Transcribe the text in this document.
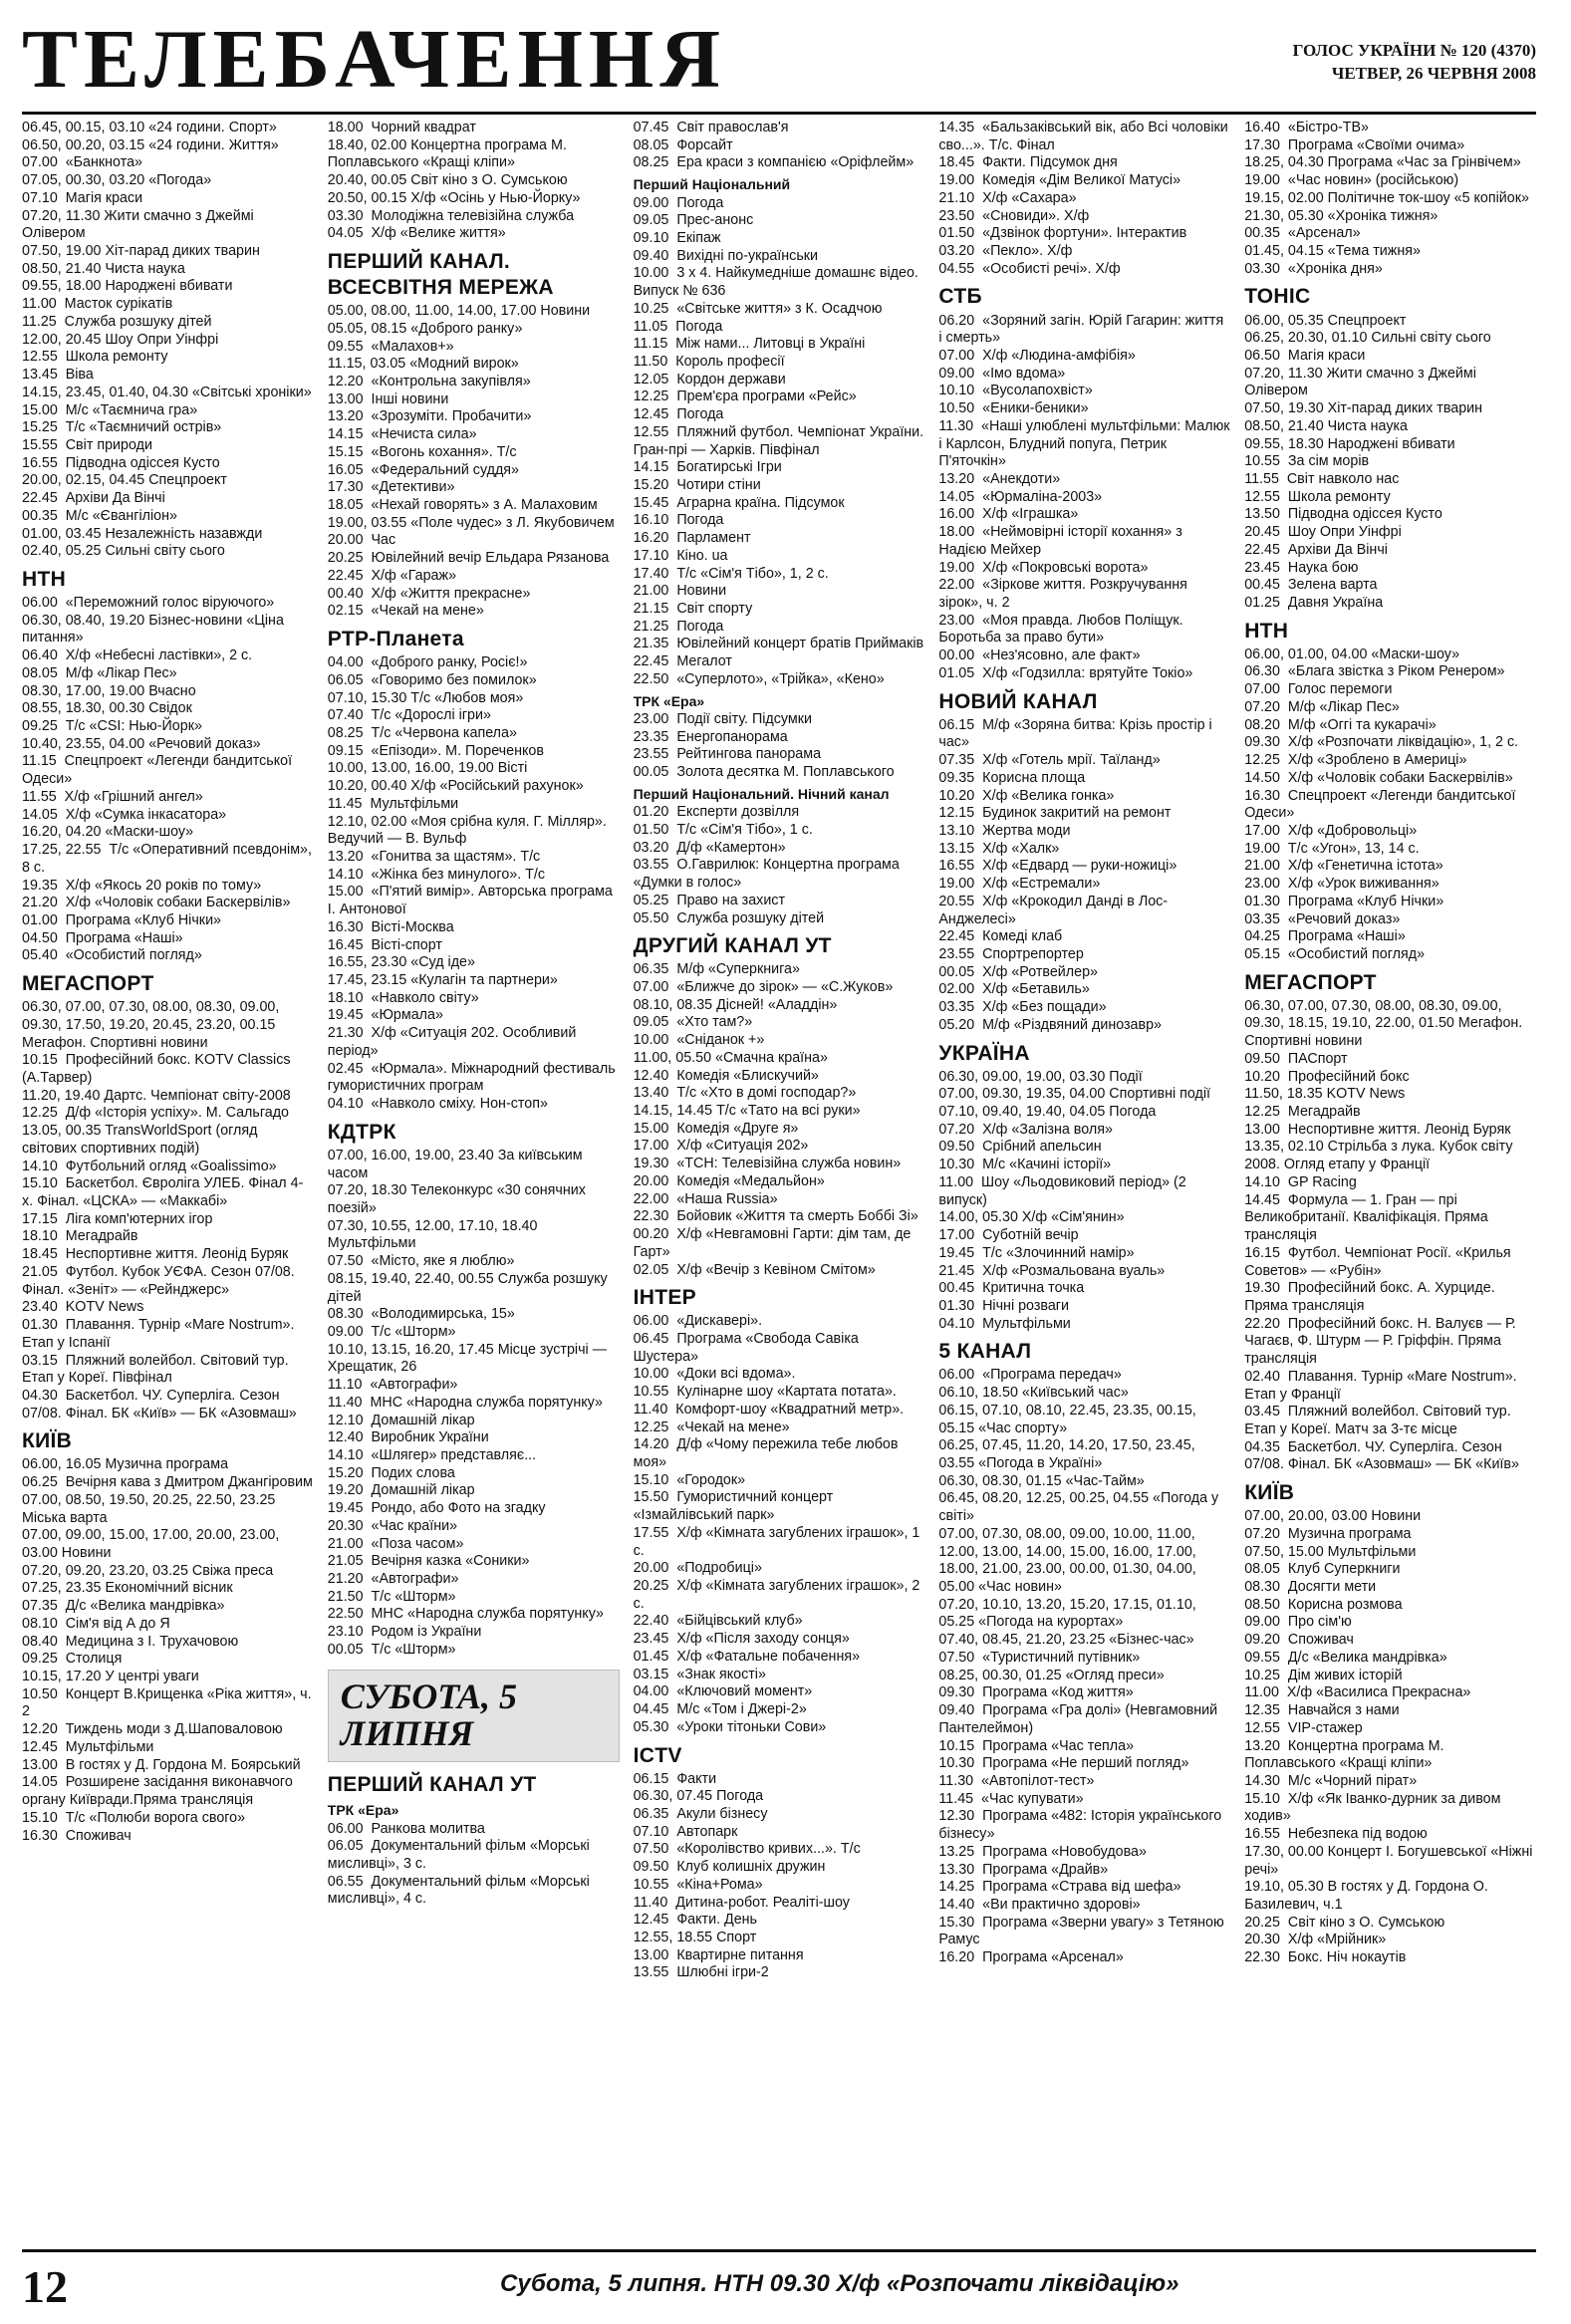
ТЕЛЕБАЧЕННЯ	ГОЛОС УКРАЇНИ № 120 (4370)
ЧЕТВЕР, 26 ЧЕРВНЯ 2008
06.45, 00.15, 03.10 «24 години. Спорт»
06.50, 00.20, 03.15 «24 години. Життя»
07.00  «Банкнота»
07.05, 00.30, 03.20 «Погода»
07.10  Магія краси
07.20, 11.30 Жити смачно з Джеймі Олівером
07.50, 19.00 Хіт-парад диких тварин
08.50, 21.40 Чиста наука
09.55, 18.00 Народжені вбивати
11.00  Масток сурікатів
11.25  Служба розшуку дітей
12.00, 20.45 Шоу Опри Уінфрі
12.55  Школа ремонту
13.45  Віва
14.15, 23.45, 01.40, 04.30 «Світські хроніки»
15.00  М/с «Таємнича гра»
15.25  Т/с «Таємничий острів»
15.55  Світ природи
16.55  Підводна одіссея Кусто
20.00, 02.15, 04.45 Спецпроект
22.45  Архіви Да Вінчі
00.35  М/с «Євангіліон»
01.00, 03.45 Незалежність назавжди
02.40, 05.25 Сильні світу сього
НТН
06.00  «Переможний голос віруючого»
06.30, 08.40, 19.20 Бізнес-новини «Ціна питання»
06.40  Х/ф «Небесні ластівки», 2 с.
08.05  М/ф «Лікар Пес»
08.30, 17.00, 19.00 Вчасно
08.55, 18.30, 00.30 Свідок
09.25  Т/с «CSI: Нью-Йорк»
10.40, 23.55, 04.00 «Речовий доказ»
11.15  Спецпроект «Легенди бандитської Одеси»
11.55  Х/ф «Грішний ангел»
14.05  Х/ф «Сумка інкасатора»
16.20, 04.20 «Маски-шоу»
17.25, 22.55  Т/с «Оперативний псевдонім», 8 с.
19.35  Х/ф «Якось 20 років по тому»
21.20  Х/ф «Чоловік собаки Баскервілів»
01.00  Програма «Клуб Нічки»
04.50  Програма «Наші»
05.40  «Особистий погляд»
МЕГАСПОРТ
06.30, 07.00, 07.30, 08.00, 08.30, 09.00, 09.30, 17.50, 19.20, 20.45, 23.20, 00.15 Мегафон. Спортивні новини
10.15  Професійний бокс. KOTV Classics (А.Тарвер)
11.20, 19.40 Дартс. Чемпіонат світу-2008
12.25  Д/ф «Історія успіху». М. Сальгадо
13.05, 00.35 TransWorldSport (огляд світових спортивних подій)
14.10  Футбольний огляд «Goalissimo»
15.10  Баскетбол. Євроліга УЛЕБ. Фінал 4-х. Фінал. «ЦСКА» — «Маккабі»
17.15  Ліга комп'ютерних ігор
18.10  Мегадрайв
18.45  Неспортивне життя. Леонід Буряк
21.05  Футбол. Кубок УЄФА. Сезон 07/08. Фінал. «Зеніт» — «Рейнджерс»
23.40  KOTV News
01.30  Плавання. Турнір «Mare Nostrum». Етап у Іспанії
03.15  Пляжний волейбол. Світовий тур. Етап у Кореї. Півфінал
04.30  Баскетбол. ЧУ. Суперліга. Сезон 07/08. Фінал. БК «Київ» — БК «Азовмаш»
КИЇВ
06.00, 16.05 Музична програма
06.25  Вечірня кава з Дмитром Джангіровим
07.00, 08.50, 19.50, 20.25, 22.50, 23.25 Міська варта
07.00, 09.00, 15.00, 17.00, 20.00, 23.00, 03.00 Новини
07.20, 09.20, 23.20, 03.25 Свіжа преса
07.25, 23.35 Економічний вісник
07.35  Д/с «Велика мандрівка»
08.10  Сім'я від А до Я
08.40  Медицина з І. Трухачовою
09.25  Столиця
10.15, 17.20 У центрі уваги
10.50  Концерт В.Крищенка «Ріка життя», ч. 2
12.20  Тиждень моди з Д.Шаповаловою
12.45  Мультфільми
13.00  В гостях у Д. Гордона М. Боярський
14.05  Розширене засідання виконавчого органу Київради.Пряма трансляція
15.10  Т/с «Полюби ворога свого»
16.30  Споживач
18.00  Чорний квадрат
18.40, 02.00 Концертна програма М. Поплавського «Кращі кліпи»
20.40, 00.05 Світ кіно з О. Сумською
20.50, 00.15 Х/ф «Осінь у Нью-Йорку»
03.30  Молодіжна телевізійна служба
04.05  Х/ф «Велике життя»
ПЕРШИЙ КАНАЛ. ВСЕСВІТНЯ МЕРЕЖА
05.00, 08.00, 11.00, 14.00, 17.00 Новини
05.05, 08.15 «Доброго ранку»
09.55  «Малахов+»
11.15, 03.05 «Модний вирок»
12.20  «Контрольна закупівля»
13.00  Інші новини
13.20  «Зрозуміти. Пробачити»
14.15  «Нечиста сила»
15.15  «Вогонь кохання». Т/с
16.05  «Федеральний суддя»
17.30  «Детективи»
18.05  «Нехай говорять» з А. Малаховим
19.00, 03.55 «Поле чудес» з Л. Якубовичем
20.00  Час
20.25  Ювілейний вечір Ельдара Рязанова
22.45  Х/ф «Гараж»
00.40  Х/ф «Життя прекрасне»
02.15  «Чекай на мене»
РТР-Планета
04.00  «Доброго ранку, Росіє!»
06.05  «Говоримо без помилок»
07.10, 15.30 Т/с «Любов моя»
07.40  Т/с «Дорослі ігри»
08.25  Т/с «Червона капела»
09.15  «Епізоди». М. Пореченков
10.00, 13.00, 16.00, 19.00 Вісті
10.20, 00.40 Х/ф «Російський рахунок»
11.45  Мультфільми
12.10, 02.00 «Моя срібна куля. Г. Мілляр». Ведучий — В. Вульф
13.20  «Гонитва за щастям». Т/с
14.10  «Жінка без минулого». Т/с
15.00  «П'ятий вимір». Авторська програма І. Антонової
16.30  Вісті-Москва
16.45  Вісті-спорт
16.55, 23.30 «Суд іде»
17.45, 23.15 «Кулагін та партнери»
18.10  «Навколо світу»
19.45  «Юрмала»
21.30  Х/ф «Ситуація 202. Особливий період»
02.45  «Юрмала». Міжнародний фестиваль гумористичних програм
04.10  «Навколо сміху. Нон-стоп»
КДТРК
07.00, 16.00, 19.00, 23.40 За київським часом
07.20, 18.30 Телеконкурс «30 сонячних поезій»
07.30, 10.55, 12.00, 17.10, 18.40 Мультфільми
07.50  «Місто, яке я люблю»
08.15, 19.40, 22.40, 00.55 Служба розшуку дітей
08.30  «Володимирська, 15»
09.00  Т/с «Шторм»
10.10, 13.15, 16.20, 17.45 Місце зустрічі — Хрещатик, 26
11.10  «Автографи»
11.40  МНС «Народна служба порятунку»
12.10  Домашній лікар
12.40  Виробник України
14.10  «Шлягер» представляє...
15.20  Подих слова
19.20  Домашній лікар
19.45  Рондо, або Фото на згадку
20.30  «Час країни»
21.00  «Поза часом»
21.05  Вечірня казка «Соники»
21.20  «Автографи»
21.50  Т/с «Шторм»
22.50  МНС «Народна служба порятунку»
23.10  Родом із України
00.05  Т/с «Шторм»
СУБОТА, 5 ЛИПНЯ
ПЕРШИЙ КАНАЛ УТ
ТРК «Ера»
06.00  Ранкова молитва
06.05  Документальний фільм «Морські мисливці», 3 с.
06.55  Документальний фільм «Морські мисливці», 4 с.
07.45  Світ православ'я
08.05  Форсайт
08.25  Ера краси з компанією «Оріфлейм»
Перший Національний
09.00  Погода
09.05  Прес-анонс
09.10  Екіпаж
09.40  Вихідні по-українськи
10.00  3 х 4. Найкумедніше домашнє відео. Випуск № 636
10.25  «Світське життя» з К. Осадчою
11.05  Погода
11.15  Між нами... Литовці в Україні
11.50  Король професії
12.05  Кордон держави
12.25  Прем'єра програми «Рейс»
12.45  Погода
12.55  Пляжний футбол. Чемпіонат України. Гран-прі — Харків. Півфінал
14.15  Богатирські Ігри
15.20  Чотири стіни
15.45  Аграрна країна. Підсумок
16.10  Погода
16.20  Парламент
17.10  Кіно. ua
17.40  Т/с «Сім'я Тібо», 1, 2 с.
21.00  Новини
21.15  Світ спорту
21.25  Погода
21.35  Ювілейний концерт братів Приймаків
22.45  Мегалот
22.50  «Суперлото», «Трійка», «Кено»
ТРК «Ера»
23.00  Події світу. Підсумки
23.35  Енергопанорама
23.55  Рейтингова панорама
00.05  Золота десятка М. Поплавського
Перший Національний. Нічний канал
01.20  Експерти дозвілля
01.50  Т/с «Сім'я Тібо», 1 с.
03.20  Д/ф «Камертон»
03.55  О.Гаврилюк: Концертна програма «Думки в голос»
05.25  Право на захист
05.50  Служба розшуку дітей
ДРУГИЙ КАНАЛ УТ
06.35  М/ф «Суперкнига»
07.00  «Ближче до зірок» — «С.Жуков»
08.10, 08.35 Дісней! «Аладдін»
09.05  «Хто там?»
10.00  «Сніданок +»
11.00, 05.50 «Смачна країна»
12.40  Комедія «Блискучий»
13.40  Т/с «Хто в домі господар?»
14.15, 14.45 Т/с «Тато на всі руки»
15.00  Комедія «Друге я»
17.00  Х/ф «Ситуація 202»
19.30  «ТСН: Телевізійна служба новин»
20.00  Комедія «Медальйон»
22.00  «Наша Russia»
22.30  Бойовик «Життя та смерть Боббі Зі»
00.20  Х/ф «Невгамовні Гарти: дім там, де Гарт»
02.05  Х/ф «Вечір з Кевіном Смітом»
ІНТЕР
06.00  «Дискавері».
06.45  Програма «Свобода Савіка Шустера»
10.00  «Доки всі вдома».
10.55  Кулінарне шоу «Картата потата».
11.40  Комфорт-шоу «Квадратний метр».
12.25  «Чекай на мене»
14.20  Д/ф «Чому пережила тебе любов моя»
15.10  «Городок»
15.50  Гумористичний концерт «Ізмайлівський парк»
17.55  Х/ф «Кімната загублених іграшок», 1 с.
20.00  «Подробиці»
20.25  Х/ф «Кімната загублених іграшок», 2 с.
22.40  «Бійцівський клуб»
23.45  Х/ф «Після заходу сонця»
01.45  Х/ф «Фатальне побачення»
03.15  «Знак якості»
04.00  «Ключовий момент»
04.45  М/с «Том і Джері-2»
05.30  «Уроки тітоньки Сови»
ICTV
06.15  Факти
06.30, 07.45 Погода
06.35  Акули бізнесу
07.10  Автопарк
07.50  «Королівство кривих...». Т/с
09.50  Клуб колишніх дружин
10.55  «Кіна+Рома»
11.40  Дитина-робот. Реаліті-шоу
12.45  Факти. День
12.55, 18.55 Спорт
13.00  Квартирне питання
13.55  Шлюбні ігри-2
14.35  «Бальзаківський вік, або Всі чоловіки сво...». Т/с. Фінал
18.45  Факти. Підсумок дня
19.00  Комедія «Дім Великої Матусі»
21.10  Х/ф «Сахара»
23.50  «Сновиди». Х/ф
01.50  «Дзвінок фортуни». Інтерактив
03.20  «Пекло». Х/ф
04.55  «Особисті речі». Х/ф
СТБ
06.20  «Зоряний загін. Юрій Гагарин: життя і смерть»
07.00  Х/ф «Людина-амфібія»
09.00  «Імо вдома»
10.10  «Вусолапохвіст»
10.50  «Еники-беники»
11.30  «Наші улюблені мультфільми: Малюк і Карлсон, Блудний попуга, Петрик П'яточкін»
13.20  «Анекдоти»
14.05  «Юрмаліна-2003»
16.00  Х/ф «Іграшка»
18.00  «Неймовірні історії кохання» з Надією Мейхер
19.00  Х/ф «Покровські ворота»
22.00  «Зіркове життя. Розкручування зірок», ч. 2
23.00  «Моя правда. Любов Поліщук. Боротьба за право бути»
00.00  «Нез'ясовно, але факт»
01.05  Х/ф «Годзилла: врятуйте Токіо»
НОВИЙ КАНАЛ
06.15  М/ф «Зоряна битва: Крізь простір і час»
07.35  Х/ф «Готель мрії. Таїланд»
09.35  Корисна площа
10.20  Х/ф «Велика гонка»
12.15  Будинок закритий на ремонт
13.10  Жертва моди
13.15  Х/ф «Халк»
16.55  Х/ф «Едвард — руки-ножиці»
19.00  Х/ф «Естремали»
20.55  Х/ф «Крокодил Данді в Лос-Анджелесі»
22.45  Комеді клаб
23.55  Спортрепортер
00.05  Х/ф «Ротвейлер»
02.00  Х/ф «Бетавиль»
03.35  Х/ф «Без пощади»
05.20  М/ф «Різдвяний динозавр»
УКРАЇНА
06.30, 09.00, 19.00, 03.30 Події
07.00, 09.30, 19.35, 04.00 Спортивні події
07.10, 09.40, 19.40, 04.05 Погода
07.20  Х/ф «Залізна воля»
09.50  Срібний апельсин
10.30  М/с «Качині історії»
11.00  Шоу «Льодовиковий період» (2 випуск)
14.00, 05.30 Х/ф «Сім'янин»
17.00  Суботній вечір
19.45  Т/с «Злочинний намір»
21.45  Х/ф «Розмальована вуаль»
00.45  Критична точка
01.30  Нічні розваги
04.10  Мультфільми
5 КАНАЛ
06.00  «Програма передач»
06.10, 18.50 «Київський час»
06.15, 07.10, 08.10, 22.45, 23.35, 00.15, 05.15 «Час спорту»
06.25, 07.45, 11.20, 14.20, 17.50, 23.45, 03.55 «Погода в Україні»
06.30, 08.30, 01.15 «Час-Тайм»
06.45, 08.20, 12.25, 00.25, 04.55 «Погода у світі»
07.00, 07.30, 08.00, 09.00, 10.00, 11.00, 12.00, 13.00, 14.00, 15.00, 16.00, 17.00, 18.00, 21.00, 23.00, 00.00, 01.30, 04.00, 05.00 «Час новин»
07.20, 10.10, 13.20, 15.20, 17.15, 01.10, 05.25 «Погода на курортах»
07.40, 08.45, 21.20, 23.25 «Бізнес-час»
07.50  «Туристичний путівник»
08.25, 00.30, 01.25 «Огляд преси»
09.30  Програма «Код життя»
09.40  Програма «Гра долі» (Невгамовний Пантелеймон)
10.15  Програма «Час тепла»
10.30  Програма «Не перший погляд»
11.30  «Автопілот-тест»
11.45  «Час купувати»
12.30  Програма «482: Історія українського бізнесу»
13.25  Програма «Новобудова»
13.30  Програма «Драйв»
14.25  Програма «Страва від шефа»
14.40  «Ви практично здорові»
15.30  Програма «Зверни увагу» з Тетяною Рамус
16.20  Програма «Арсенал»
16.40  «Бістро-ТВ»
17.30  Програма «Своїми очима»
18.25, 04.30 Програма «Час за Грінвічем»
19.00  «Час новин» (російською)
19.15, 02.00 Політичне ток-шоу «5 копійок»
21.30, 05.30 «Хроніка тижня»
00.35  «Арсенал»
01.45, 04.15 «Тема тижня»
03.30  «Хроніка дня»
ТОНІС
06.00, 05.35 Спецпроект
06.25, 20.30, 01.10 Сильні світу сього
06.50  Магія краси
07.20, 11.30 Жити смачно з Джеймі Олівером
07.50, 19.30 Хіт-парад диких тварин
08.50, 21.40 Чиста наука
09.55, 18.30 Народжені вбивати
10.55  За сім морів
11.55  Світ навколо нас
12.55  Школа ремонту
13.50  Підводна одіссея Кусто
20.45  Шоу Опри Уінфрі
22.45  Архіви Да Вінчі
23.45  Наука бою
00.45  Зелена варта
01.25  Давня Україна
НТН
06.00, 01.00, 04.00 «Маски-шоу»
06.30  «Блага звістка з Ріком Ренером»
07.00  Голос перемоги
07.20  М/ф «Лікар Пес»
08.20  М/ф «Оггі та кукарачі»
09.30  Х/ф «Розпочати ліквідацію», 1, 2 с.
12.25  Х/ф «Зроблено в Америці»
14.50  Х/ф «Чоловік собаки Баскервілів»
16.30  Спецпроект «Легенди бандитської Одеси»
17.00  Х/ф «Добровольці»
19.00  Т/с «Угон», 13, 14 с.
21.00  Х/ф «Генетична істота»
23.00  Х/ф «Урок виживання»
01.30  Програма «Клуб Нічки»
03.35  «Речовий доказ»
04.25  Програма «Наші»
05.15  «Особистий погляд»
МЕГАСПОРТ
06.30, 07.00, 07.30, 08.00, 08.30, 09.00, 09.30, 18.15, 19.10, 22.00, 01.50 Мегафон. Спортивні новини
09.50  ПАСпорт
10.20  Професійний бокс
11.50, 18.35 KOTV News
12.25  Мегадрайв
13.00  Неспортивне життя. Леонід Буряк
13.35, 02.10 Стрільба з лука. Кубок світу 2008. Огляд етапу у Франції
14.10  GP Racing
14.45  Формула — 1. Гран — прі Великобританії. Кваліфікація. Пряма трансляція
16.15  Футбол. Чемпіонат Росії. «Крилья Советов» — «Рубін»
19.30  Професійний бокс. А. Хурциде. Пряма трансляція
22.20  Професійний бокс. Н. Валуєв — Р. Чагаєв, Ф. Штурм — Р. Гріффін. Пряма трансляція
02.40  Плавання. Турнір «Mare Nostrum». Етап у Франції
03.45  Пляжний волейбол. Світовий тур. Етап у Кореї. Матч за 3-тє місце
04.35  Баскетбол. ЧУ. Суперліга. Сезон 07/08. Фінал. БК «Азовмаш» — БК «Київ»
КИЇВ
07.00, 20.00, 03.00 Новини
07.20  Музична програма
07.50, 15.00 Мультфільми
08.05  Клуб Суперкниги
08.30  Досягти мети
08.50  Корисна розмова
09.00  Про сім'ю
09.20  Споживач
09.55  Д/с «Велика мандрівка»
10.25  Дім живих історій
11.00  Х/ф «Василиса Прекрасна»
12.35  Навчайся з нами
12.55  VIP-стажер
13.20  Концертна програма М. Поплавського «Кращі кліпи»
14.30  М/с «Чорний пірат»
15.10  Х/ф «Як Іванко-дурник за дивом ходив»
16.55  Небезпека під водою
17.30, 00.00 Концерт І. Богушевської «Ніжні речі»
19.10, 05.30 В гостях у Д. Гордона О. Базилевич, ч.1
20.25  Світ кіно з О. Сумською
20.30  Х/ф «Мрійник»
22.30  Бокс. Ніч нокаутів
12	Субота, 5 липня. НТН 09.30 Х/ф «Розпочати ліквідацію»
